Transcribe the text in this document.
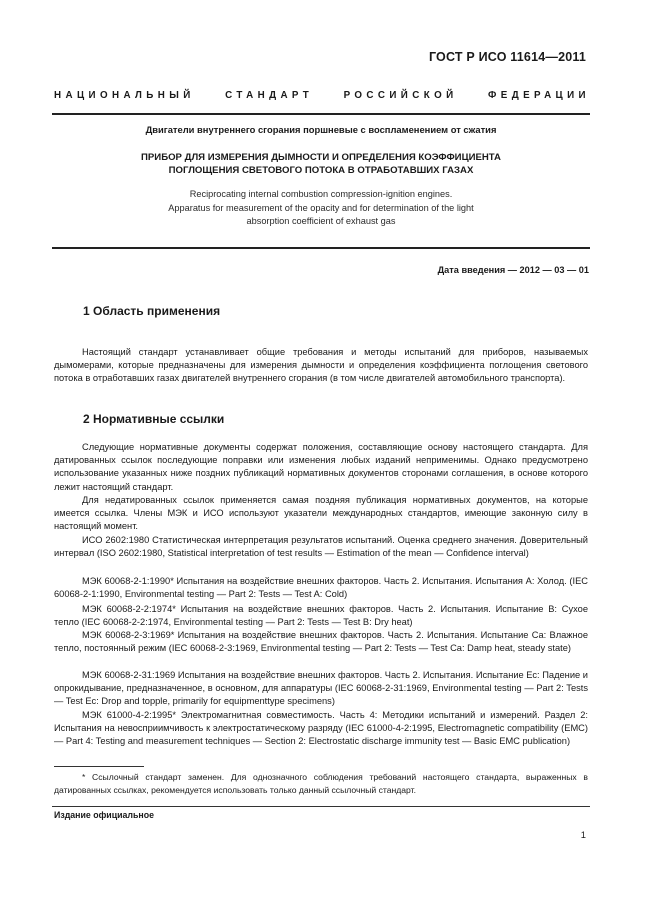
ГОСТ Р ИСО 11614—2011
НАЦИОНАЛЬНЫЙ СТАНДАРТ РОССИЙСКОЙ ФЕДЕРАЦИИ
Двигатели внутреннего сгорания поршневые с воспламенением от сжатия
ПРИБОР ДЛЯ ИЗМЕРЕНИЯ ДЫМНОСТИ И ОПРЕДЕЛЕНИЯ КОЭФФИЦИЕНТА
ПОГЛОЩЕНИЯ СВЕТОВОГО ПОТОКА В ОТРАБОТАВШИХ ГАЗАХ
Reciprocating internal combustion compression-ignition engines.
Apparatus for measurement of the opacity and for determination of the light
absorption coefficient of exhaust gas
Дата введения — 2012 — 03 — 01
1 Область применения

Настоящий стандарт устанавливает общие требования и методы испытаний для приборов, называемых дымомерами, которые предназначены для измерения дымности и определения коэффициента поглощения светового потока в отработавших газах двигателей внутреннего сгорания (в том числе двигателей автомобильного транспорта).

2 Нормативные ссылки

Следующие нормативные документы содержат положения, составляющие основу настоящего стандарта. Для датированных ссылок последующие поправки или изменения любых изданий неприменимы. Однако предусмотрено использование указанных ниже поздних публикаций нормативных документов сторонами соглашения, в основе которого лежит настоящий стандарт.

Для недатированных ссылок применяется самая поздняя публикация нормативных документов, на которые имеется ссылка. Члены МЭК и ИСО используют указатели международных стандартов, имеющие законную силу в настоящий момент.

ИСО 2602:1980 Статистическая интерпретация результатов испытаний. Оценка среднего значения. Доверительный интервал (ISO 2602:1980, Statistical interpretation of test results — Estimation of the mean — Confidence interval)

МЭК 60068-2-1:1990* Испытания на воздействие внешних факторов. Часть 2. Испытания. Испытания А: Холод. (IEC 60068-2-1:1990, Environmental testing — Part 2: Tests — Test A: Cold)

МЭК 60068-2-2:1974* Испытания на воздействие внешних факторов. Часть 2. Испытания. Испытание В: Сухое тепло (IEC 60068-2-2:1974, Environmental testing — Part 2: Tests — Test B: Dry heat)

МЭК 60068-2-3:1969* Испытания на воздействие внешних факторов. Часть 2. Испытания. Испытание Са: Влажное тепло, постоянный режим (IEC 60068-2-3:1969, Environmental testing — Part 2: Tests — Test Ca: Damp heat, steady state)

МЭК 60068-2-31:1969 Испытания на воздействие внешних факторов. Часть 2. Испытания. Испытание Ес: Падение и опрокидывание, предназначенное, в основном, для аппаратуры (IEC 60068-2-31:1969, Environmental testing — Part 2: Tests — Test Ec: Drop and topple, primarily for equipmenttype specimens)

МЭК 61000-4-2:1995* Электромагнитная совместимость. Часть 4: Методики испытаний и измерений. Раздел 2: Испытания на невосприимчивость к электростатическому разряду (IEC 61000-4-2:1995, Electromagnetic compatibility (EMC) — Part 4: Testing and measurement techniques — Section 2: Electrostatic discharge immunity test — Basic EMC publication)

* Ссылочный стандарт заменен. Для однозначного соблюдения требований настоящего стандарта, выраженных в датированных ссылках, рекомендуется использовать только данный ссылочный стандарт.

Издание официальное
1
